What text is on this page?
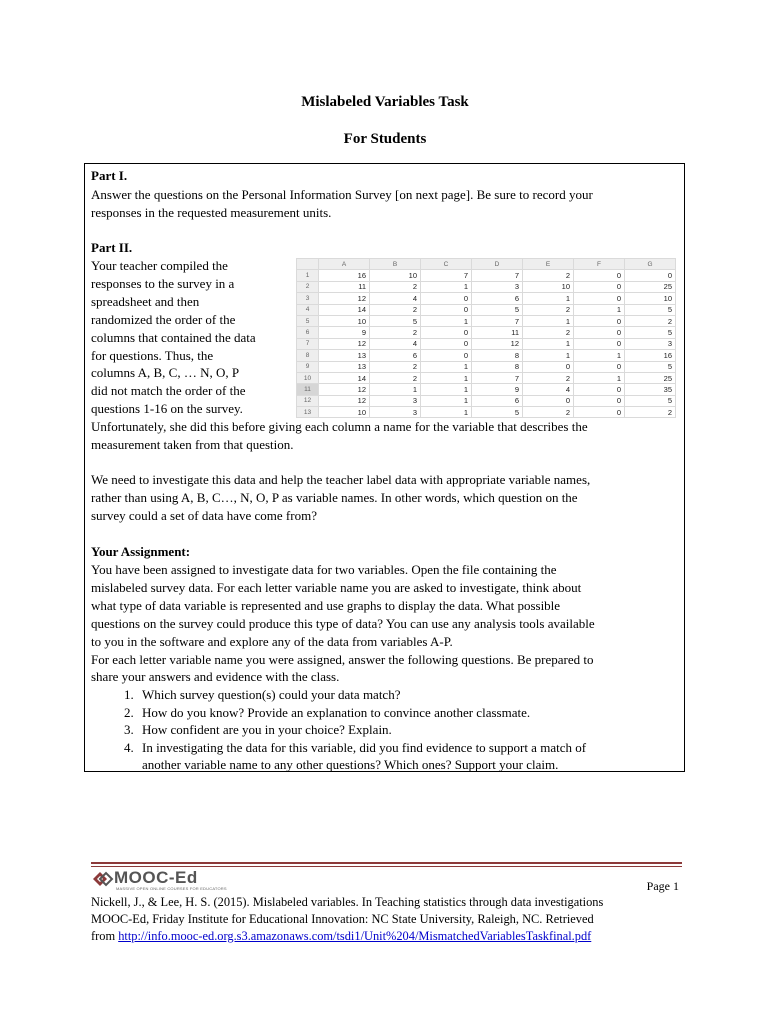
Mislabeled Variables Task
For Students
Part I.
Answer the questions on the Personal Information Survey [on next page]. Be sure to record your
responses in the requested measurement units.
Part II.
Your teacher compiled the
responses to the survey in a
spreadsheet and then
randomized the order of the
columns that contained the data
for questions. Thus, the
columns A, B, C, … N, O, P
did not match the order of the
questions 1-16 on the survey.
	A	B	C	D	E	F	G
1	16	10	7	7	2	0	0
2	11	2	1	3	10	0	25
3	12	4	0	6	1	0	10
4	14	2	0	5	2	1	5
5	10	5	1	7	1	0	2
6	9	2	0	11	2	0	5
7	12	4	0	12	1	0	3
8	13	6	0	8	1	1	16
9	13	2	1	8	0	0	5
10	14	2	1	7	2	1	25
11	12	1	1	9	4	0	35
12	12	3	1	6	0	0	5
13	10	3	1	5	2	0	2
Unfortunately, she did this before giving each column a name for the variable that describes the
measurement taken from that question.
We need to investigate this data and help the teacher label data with appropriate variable names,
rather than using A, B, C…, N, O, P as variable names. In other words, which question on the
survey could a set of data have come from?
Your Assignment:
You have been assigned to investigate data for two variables. Open the file containing the
mislabeled survey data. For each letter variable name you are asked to investigate, think about
what type of data variable is represented and use graphs to display the data. What possible
questions on the survey could produce this type of data? You can use any analysis tools available
to you in the software and explore any of the data from variables A-P.
For each letter variable name you were assigned, answer the following questions. Be prepared to
share your answers and evidence with the class.
1. Which survey question(s) could your data match?
2. How do you know? Provide an explanation to convince another classmate.
3. How confident are you in your choice? Explain.
4. In investigating the data for this variable, did you find evidence to support a match of
another variable name to any other questions? Which ones? Support your claim.
MOOC-Ed
MASSIVE OPEN ONLINE COURSES FOR EDUCATORS	Page 1
Nickell, J., & Lee, H. S. (2015). Mislabeled variables. In Teaching statistics through data investigations
MOOC-Ed, Friday Institute for Educational Innovation: NC State University, Raleigh, NC. Retrieved
from http://info.mooc-ed.org.s3.amazonaws.com/tsdi1/Unit%204/MismatchedVariablesTaskfinal.pdf
